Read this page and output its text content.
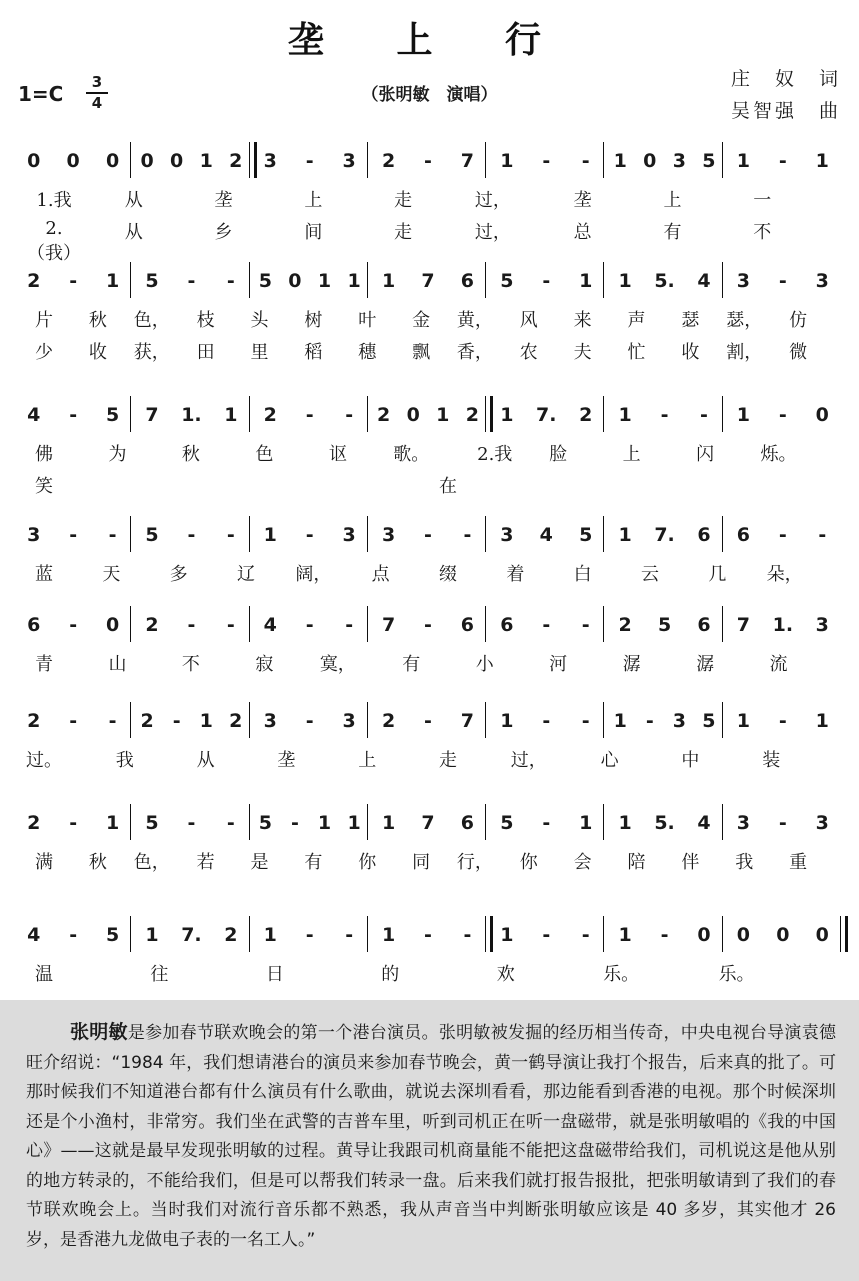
垄 上 行
1=C	3
4	（张明敏　演唱）
庄　奴　词
吴智强　曲
0 0 0 0 0 1 2 3	-	3 2	-	7 1	-	-	1 0 3 5 1	-	1
1.我	从	垄	上	走	过，	垄	上	一
2.（我）
从	乡	间	走	过，	总	有	不
2	-	1 5	-	-	5 0 1 1 1 7 6 5	-	1 1 5. 4 3	-	3
片	秋	色，	枝	头	树	叶	金	黄，	风	来	声	瑟	瑟，	仿
少	收	获，	田	里	稻	穗	飘	香，	农	夫	忙	收	割，	微
4	-	5 7 1. 1 2	-	-	2 0 1 2 1 7. 2 1	-	-	1	-	0
佛	为	秋	色	讴	歌。	2.我	脸	上	闪	烁。
笑	在
3	-	-	5	-	-	1	-	3 3	-	-	3 4 5 1 7. 6 6	-	-
蓝	天	多	辽	阔，	点	缀	着	白	云	几	朵，
6	-	0 2	-	-	4	-	-	7	-	6 6	-	-	2 5 6 7 1. 3
青	山	不	寂	寞，	有	小	河	潺	潺	流
2	-	-	2	-	1 2 3	-	3 2	-	7 1	-	-	1	-	3 5 1	-	1
过。	我	从	垄	上	走	过，	心	中	装
2	-	1 5	-	-	5	-	1 1 1 7 6 5	-	1 1 5. 4 3	-	3
满	秋	色，	若	是	有	你	同	行，	你	会	陪	伴	我	重
4	-	5 1 7. 2 1	-	-	1	-	-	1	-	-	1	-	0 0 0 0
温	往	日	的	欢	乐。	乐。
张明敏是参加春节联欢晚会的第一个港台演员。张明敏被发掘的经历相当传奇，中央电视台导演袁德旺介绍说：“1984 年，我们想请港台的演员来参加春节晚会，黄一鹤导演让我打个报告，后来真的批了。可那时候我们不知道港台都有什么演员有什么歌曲，就说去深圳看看，那边能看到香港的电视。那个时候深圳还是个小渔村，非常穷。我们坐在武警的吉普车里，听到司机正在听一盘磁带，就是张明敏唱的《我的中国心》——这就是最早发现张明敏的过程。黄导让我跟司机商量能不能把这盘磁带给我们，司机说这是他从别的地方转录的，不能给我们，但是可以帮我们转录一盘。后来我们就打报告报批，把张明敏请到了我们的春节联欢晚会上。当时我们对流行音乐都不熟悉，我从声音当中判断张明敏应该是 40 多岁，其实他才 26 岁，是香港九龙做电子表的一名工人。”
